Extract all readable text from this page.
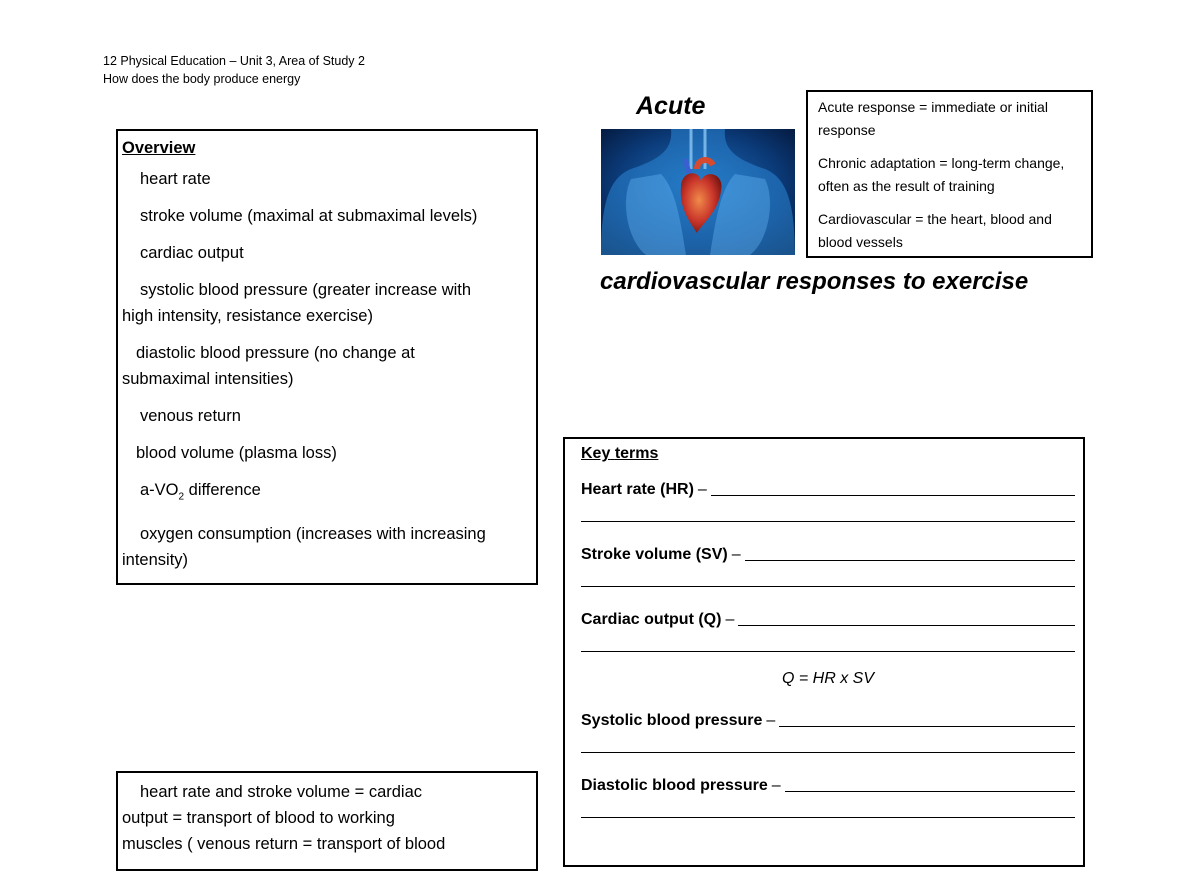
12 Physical Education – Unit 3, Area of Study 2
How does the body produce energy
Overview
heart rate
stroke volume (maximal at submaximal levels)
cardiac output
systolic blood pressure (greater increase with
high intensity, resistance exercise)
diastolic blood pressure (no change at
submaximal intensities)
venous return
blood volume (plasma loss)
$a-VO_2$ difference
oxygen consumption (increases with increasing
intensity)
Acute	Acute response = immediate or initial response

Chronic adaptation = long-term change, often as the result of training

Cardiovascular = the heart, blood and blood vessels

cardiovascular responses to exercise
Key terms
Heart rate (HR) –
Stroke volume (SV) –
Cardiac output (Q) –
Q = HR x SV
Systolic blood pressure –
Diastolic blood pressure –
heart rate and stroke volume = cardiac
output = transport of blood to working
muscles ( venous return = transport of blood
